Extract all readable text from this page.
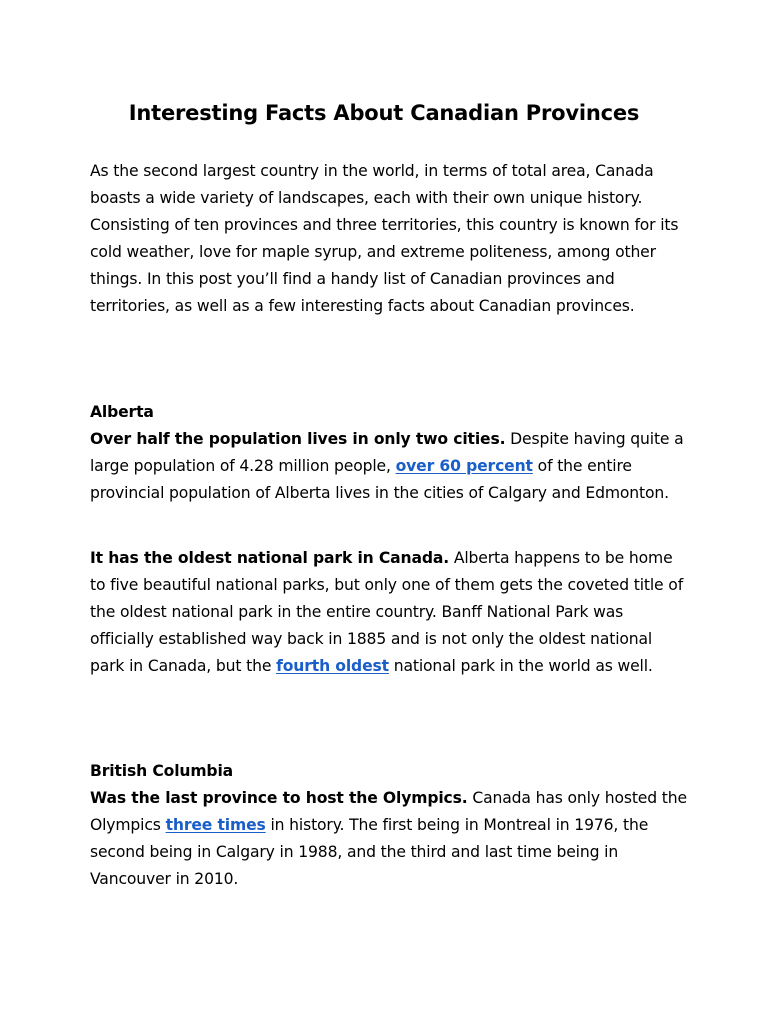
Interesting Facts About Canadian Provinces

As the second largest country in the world, in terms of total area, Canada boasts a wide variety of landscapes, each with their own unique history. Consisting of ten provinces and three territories, this country is known for its cold weather, love for maple syrup, and extreme politeness, among other things. In this post you’ll find a handy list of Canadian provinces and territories, as well as a few interesting facts about Canadian provinces.

Alberta
Over half the population lives in only two cities. Despite having quite a large population of 4.28 million people, over 60 percent of the entire provincial population of Alberta lives in the cities of Calgary and Edmonton.

It has the oldest national park in Canada. Alberta happens to be home to five beautiful national parks, but only one of them gets the coveted title of the oldest national park in the entire country. Banff National Park was officially established way back in 1885 and is not only the oldest national park in Canada, but the fourth oldest national park in the world as well.

British Columbia
Was the last province to host the Olympics. Canada has only hosted the Olympics three times in history. The first being in Montreal in 1976, the second being in Calgary in 1988, and the third and last time being in Vancouver in 2010.
